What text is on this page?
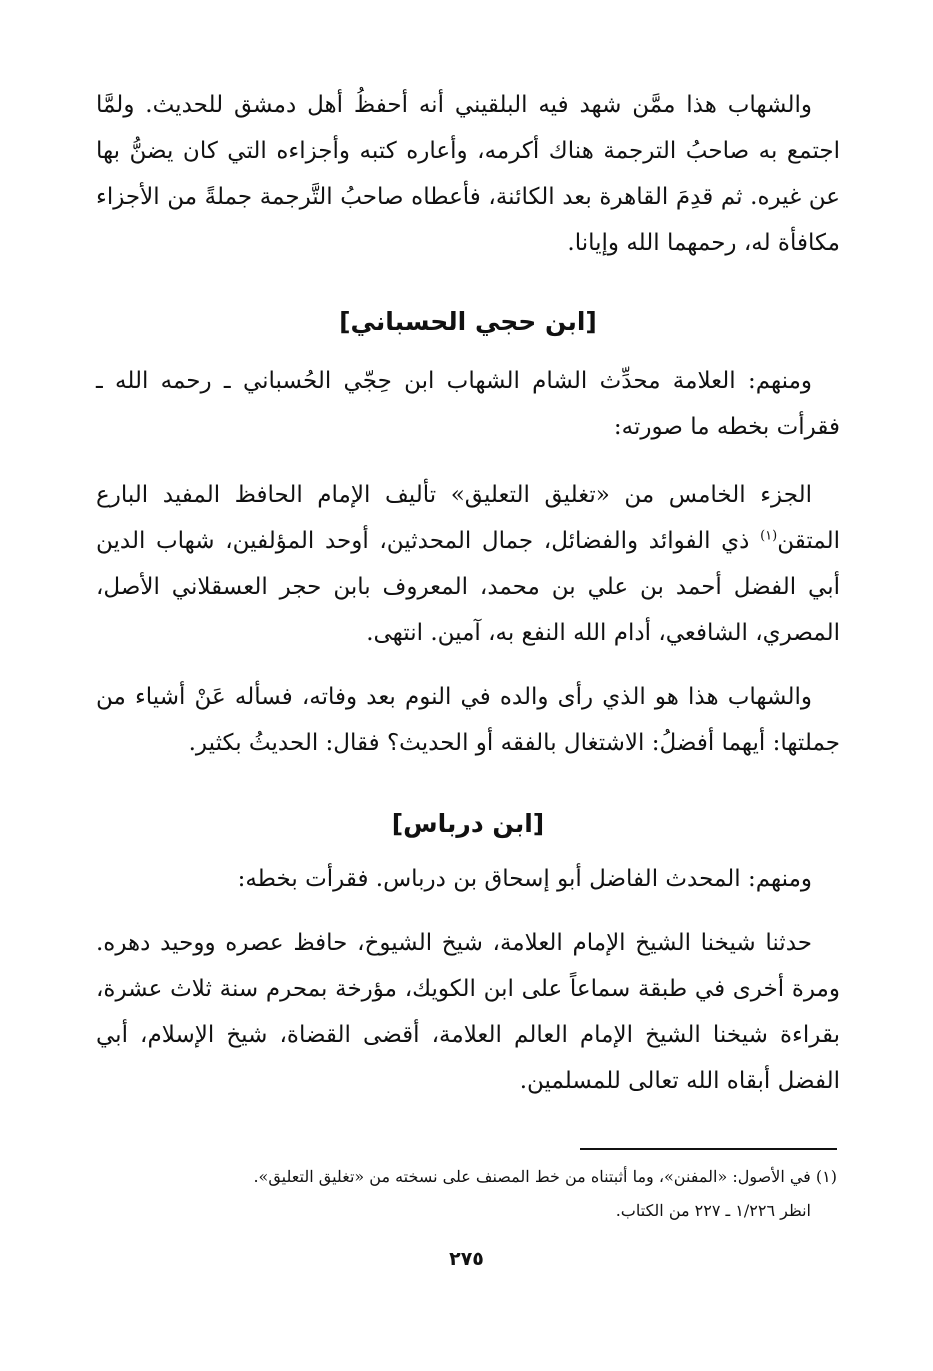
والشهاب هذا ممَّن شهد فيه البلقيني أنه أحفظُ أهل دمشق للحديث. ولمَّا اجتمع به صاحبُ الترجمة هناك أكرمه، وأعاره كتبه وأجزاءه التي كان يضنُّ بها عن غيره. ثم قدِمَ القاهرة بعد الكائنة، فأعطاه صاحبُ التَّرجمة جملةً من الأجزاء مكافأة له، رحمهما الله وإيانا.

[ابن حجي الحسباني]

ومنهم: العلامة محدِّث الشام الشهاب ابن حِجّي الحُسباني ـ رحمه الله ـ فقرأت بخطه ما صورته:

الجزء الخامس من «تغليق التعليق» تأليف الإمام الحافظ المفيد البارع المتقن$^{(١)}$ ذي الفوائد والفضائل، جمال المحدثين، أوحد المؤلفين، شهاب الدين أبي الفضل أحمد بن علي بن محمد، المعروف بابن حجر العسقلاني الأصل، المصري، الشافعي، أدام الله النفع به، آمين. انتهى.

والشهاب هذا هو الذي رأى والده في النوم بعد وفاته، فسأله عَنْ أشياء من جملتها: أيهما أفضلُ: الاشتغال بالفقه أو الحديث؟ فقال: الحديثُ بكثير.

[ابن درباس]

ومنهم: المحدث الفاضل أبو إسحاق بن درباس. فقرأت بخطه:

حدثنا شيخنا الشيخ الإمام العلامة، شيخ الشيوخ، حافظ عصره ووحيد دهره. ومرة أخرى في طبقة سماعاً على ابن الكويك، مؤرخة بمحرم سنة ثلاث عشرة، بقراءة شيخنا الشيخ الإمام العالم العلامة، أقضى القضاة، شيخ الإسلام، أبي الفضل أبقاه الله تعالى للمسلمين.

(١) في الأصول: «المفنن»، وما أثبتناه من خط المصنف على نسخته من «تغليق التعليق».

انظر ١/٢٢٦ ـ ٢٢٧ من الكتاب.

٢٧٥
